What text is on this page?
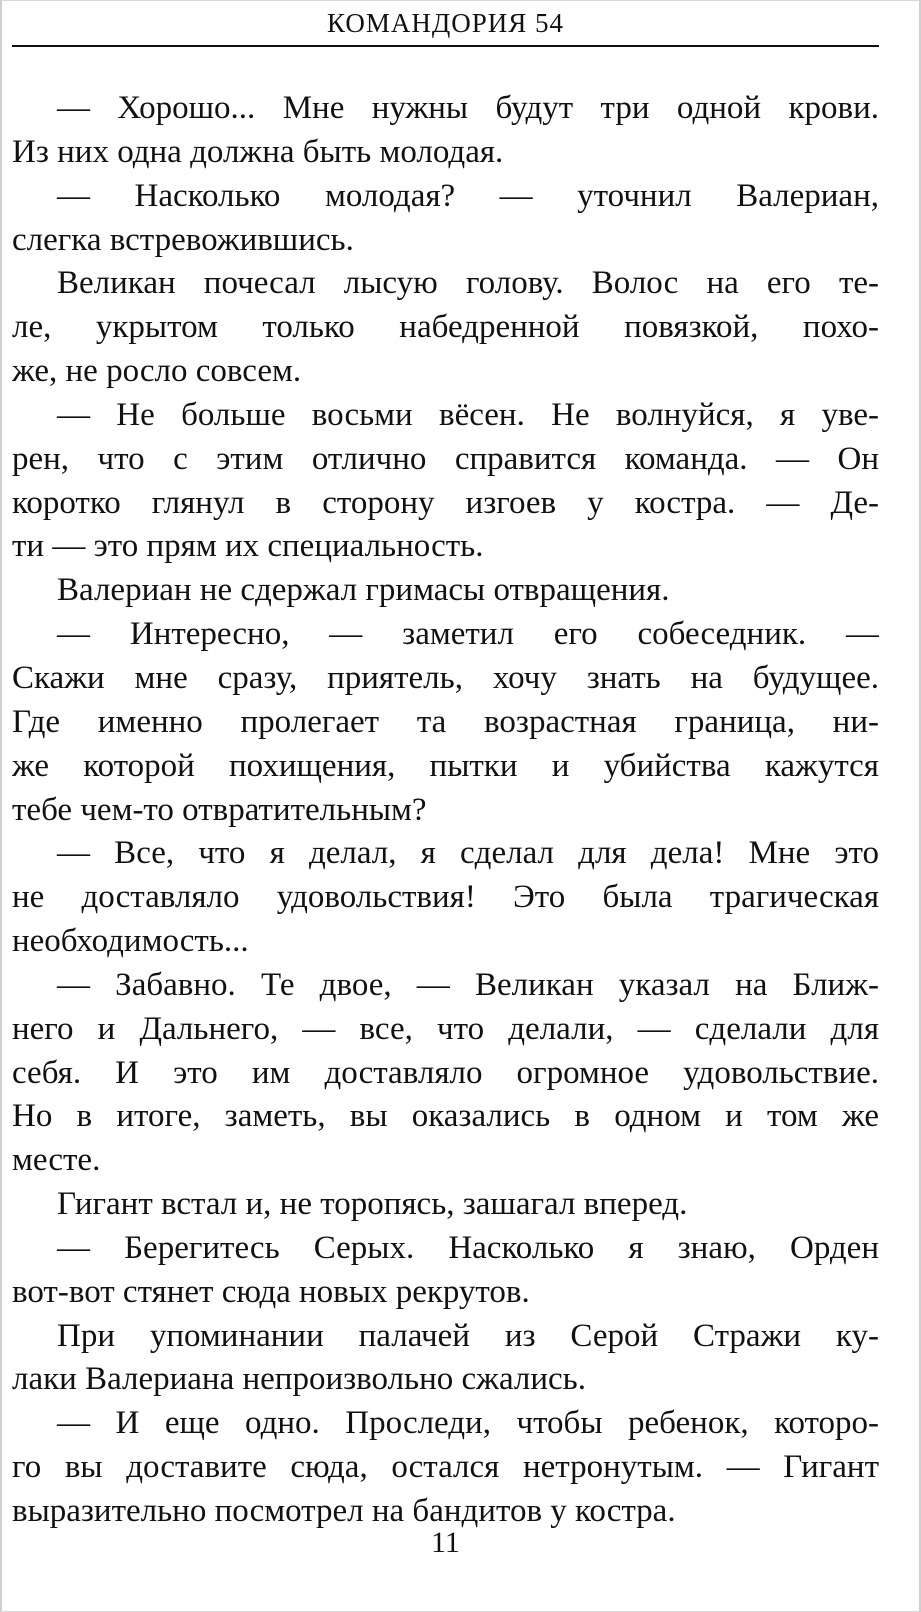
КОМАНДОРИЯ 54
— Хорошо... Мне нужны будут три одной крови.
Из них одна должна быть молодая.
— Насколько молодая? — уточнил Валериан,
слегка встревожившись.
Великан почесал лысую голову. Волос на его те-
ле, укрытом только набедренной повязкой, похо-
же, не росло совсем.
— Не больше восьми вёсен. Не волнуйся, я уве-
рен, что с этим отлично справится команда. — Он
коротко глянул в сторону изгоев у костра. — Де-
ти — это прям их специальность.
Валериан не сдержал гримасы отвращения.
— Интересно, — заметил его собеседник. —
Скажи мне сразу, приятель, хочу знать на будущее.
Где именно пролегает та возрастная граница, ни-
же которой похищения, пытки и убийства кажутся
тебе чем-то отвратительным?
— Все, что я делал, я сделал для дела! Мне это
не доставляло удовольствия! Это была трагическая
необходимость...
— Забавно. Те двое, — Великан указал на Ближ-
него и Дальнего, — все, что делали, — сделали для
себя. И это им доставляло огромное удовольствие.
Но в итоге, заметь, вы оказались в одном и том же
месте.
Гигант встал и, не торопясь, зашагал вперед.
— Берегитесь Серых. Насколько я знаю, Орден
вот-вот стянет сюда новых рекрутов.
При упоминании палачей из Серой Стражи ку-
лаки Валериана непроизвольно сжались.
— И еще одно. Проследи, чтобы ребенок, которо-
го вы доставите сюда, остался нетронутым. — Гигант
выразительно посмотрел на бандитов у костра.
11
